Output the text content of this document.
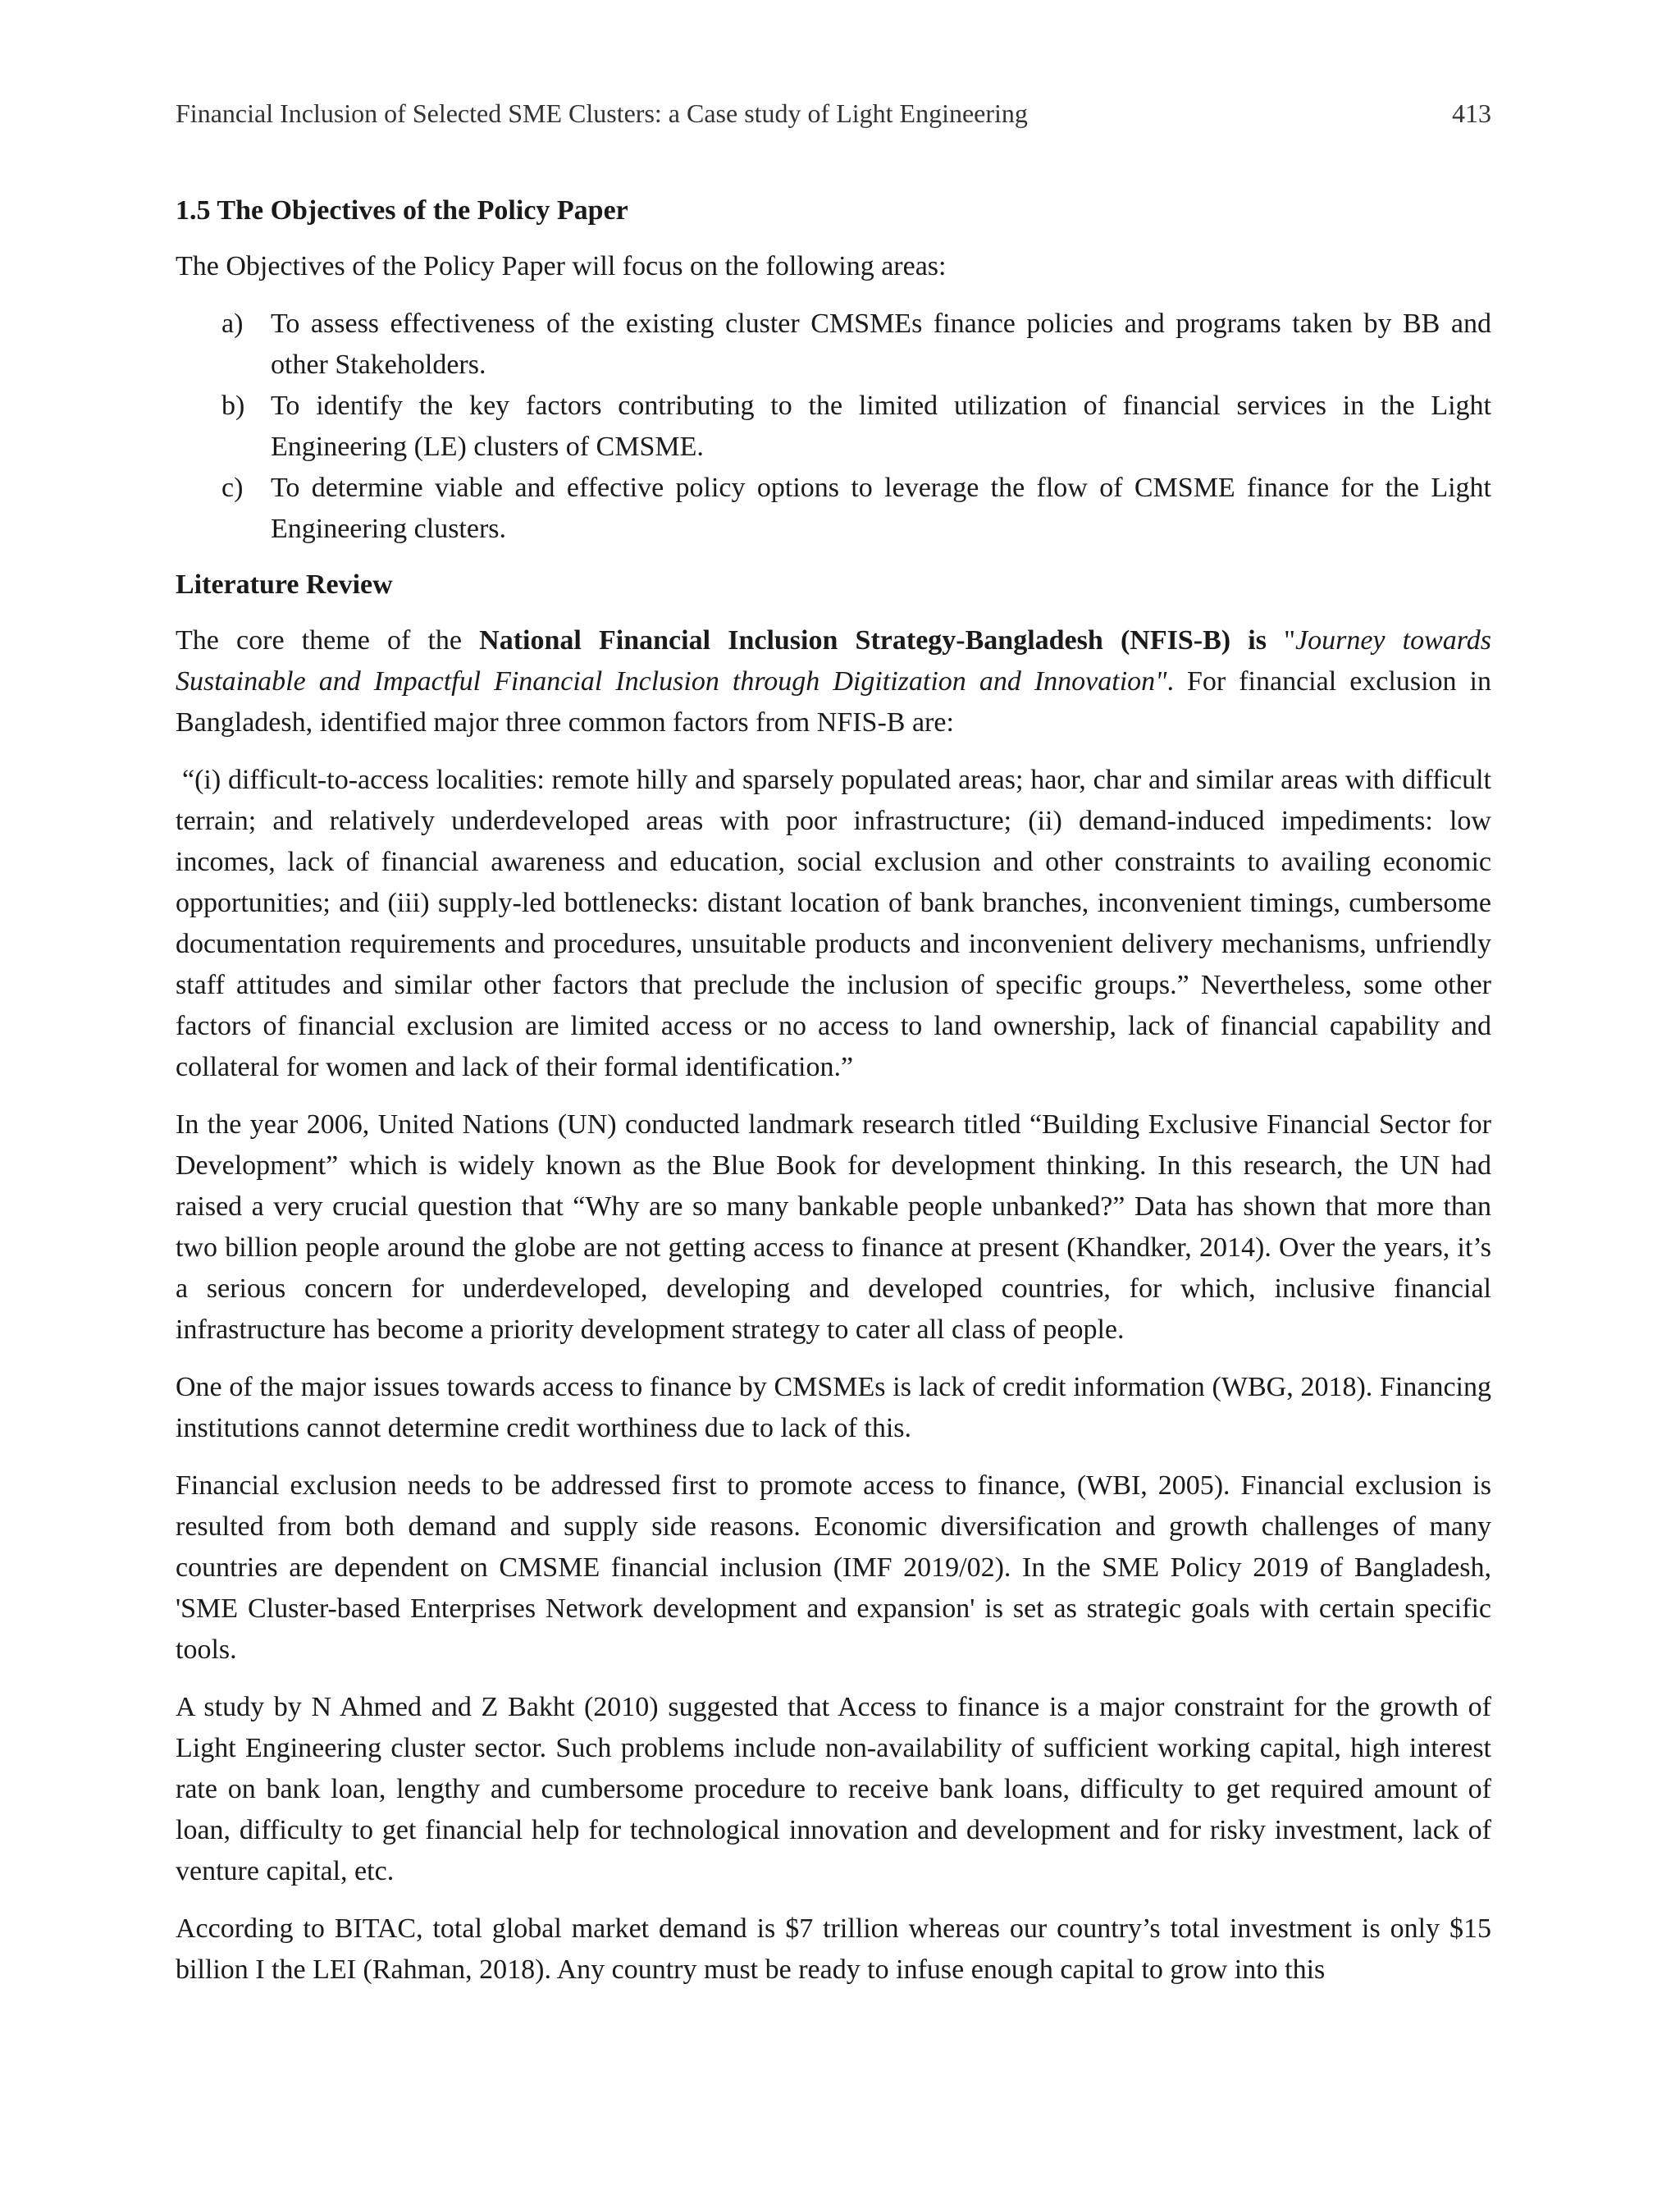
Financial Inclusion of Selected SME Clusters: a Case study of Light Engineering	413
1.5 The Objectives of the Policy Paper

The Objectives of the Policy Paper will focus on the following areas:

a) To assess effectiveness of the existing cluster CMSMEs finance policies and programs taken by BB and other Stakeholders.
b) To identify the key factors contributing to the limited utilization of financial services in the Light Engineering (LE) clusters of CMSME.
c) To determine viable and effective policy options to leverage the flow of CMSME finance for the Light Engineering clusters.
Literature Review

The core theme of the National Financial Inclusion Strategy-Bangladesh (NFIS-B) is "Journey towards Sustainable and Impactful Financial Inclusion through Digitization and Innovation". For financial exclusion in Bangladesh, identified major three common factors from NFIS-B are:

“(i) difficult-to-access localities: remote hilly and sparsely populated areas; haor, char and similar areas with difficult terrain; and relatively underdeveloped areas with poor infrastructure; (ii) demand-induced impediments: low incomes, lack of financial awareness and education, social exclusion and other constraints to availing economic opportunities; and (iii) supply-led bottlenecks: distant location of bank branches, inconvenient timings, cumbersome documentation requirements and procedures, unsuitable products and inconvenient delivery mechanisms, unfriendly staff attitudes and similar other factors that preclude the inclusion of specific groups.” Nevertheless, some other factors of financial exclusion are limited access or no access to land ownership, lack of financial capability and collateral for women and lack of their formal identification.”

In the year 2006, United Nations (UN) conducted landmark research titled “Building Exclusive Financial Sector for Development” which is widely known as the Blue Book for development thinking. In this research, the UN had raised a very crucial question that “Why are so many bankable people unbanked?” Data has shown that more than two billion people around the globe are not getting access to finance at present (Khandker, 2014). Over the years, it’s a serious concern for underdeveloped, developing and developed countries, for which, inclusive financial infrastructure has become a priority development strategy to cater all class of people.

One of the major issues towards access to finance by CMSMEs is lack of credit information (WBG, 2018). Financing institutions cannot determine credit worthiness due to lack of this.

Financial exclusion needs to be addressed first to promote access to finance, (WBI, 2005). Financial exclusion is resulted from both demand and supply side reasons. Economic diversification and growth challenges of many countries are dependent on CMSME financial inclusion (IMF 2019/02). In the SME Policy 2019 of Bangladesh, 'SME Cluster-based Enterprises Network development and expansion' is set as strategic goals with certain specific tools.

A study by N Ahmed and Z Bakht (2010) suggested that Access to finance is a major constraint for the growth of Light Engineering cluster sector. Such problems include non-availability of sufficient working capital, high interest rate on bank loan, lengthy and cumbersome procedure to receive bank loans, difficulty to get required amount of loan, difficulty to get financial help for technological innovation and development and for risky investment, lack of venture capital, etc.

According to BITAC, total global market demand is $7 trillion whereas our country’s total investment is only $15 billion I the LEI (Rahman, 2018). Any country must be ready to infuse enough capital to grow into this
